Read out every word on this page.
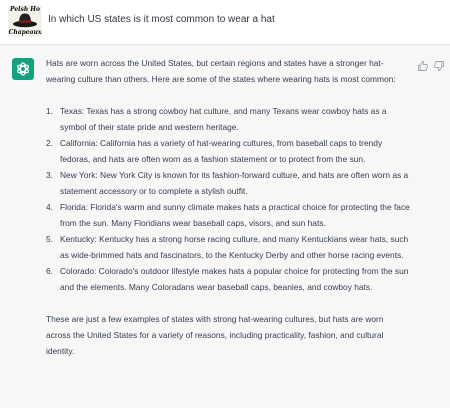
Pelsh Ho
Chapeaux
In which US states is it most common to wear a hat

Hats are worn across the United States, but certain regions and states have a stronger hat-wearing culture than others. Here are some of the states where wearing hats is most common:

1. Texas: Texas has a strong cowboy hat culture, and many Texans wear cowboy hats as a symbol of their state pride and western heritage.
2. California: California has a variety of hat-wearing cultures, from baseball caps to trendy fedoras, and hats are often worn as a fashion statement or to protect from the sun.
3. New York: New York City is known for its fashion-forward culture, and hats are often worn as a statement accessory or to complete a stylish outfit.
4. Florida: Florida's warm and sunny climate makes hats a practical choice for protecting the face from the sun. Many Floridians wear baseball caps, visors, and sun hats.
5. Kentucky: Kentucky has a strong horse racing culture, and many Kentuckians wear hats, such as wide-brimmed hats and fascinators, to the Kentucky Derby and other horse racing events.
6. Colorado: Colorado's outdoor lifestyle makes hats a popular choice for protecting from the sun and the elements. Many Coloradans wear baseball caps, beanies, and cowboy hats.

These are just a few examples of states with strong hat-wearing cultures, but hats are worn across the United States for a variety of reasons, including practicality, fashion, and cultural identity.
